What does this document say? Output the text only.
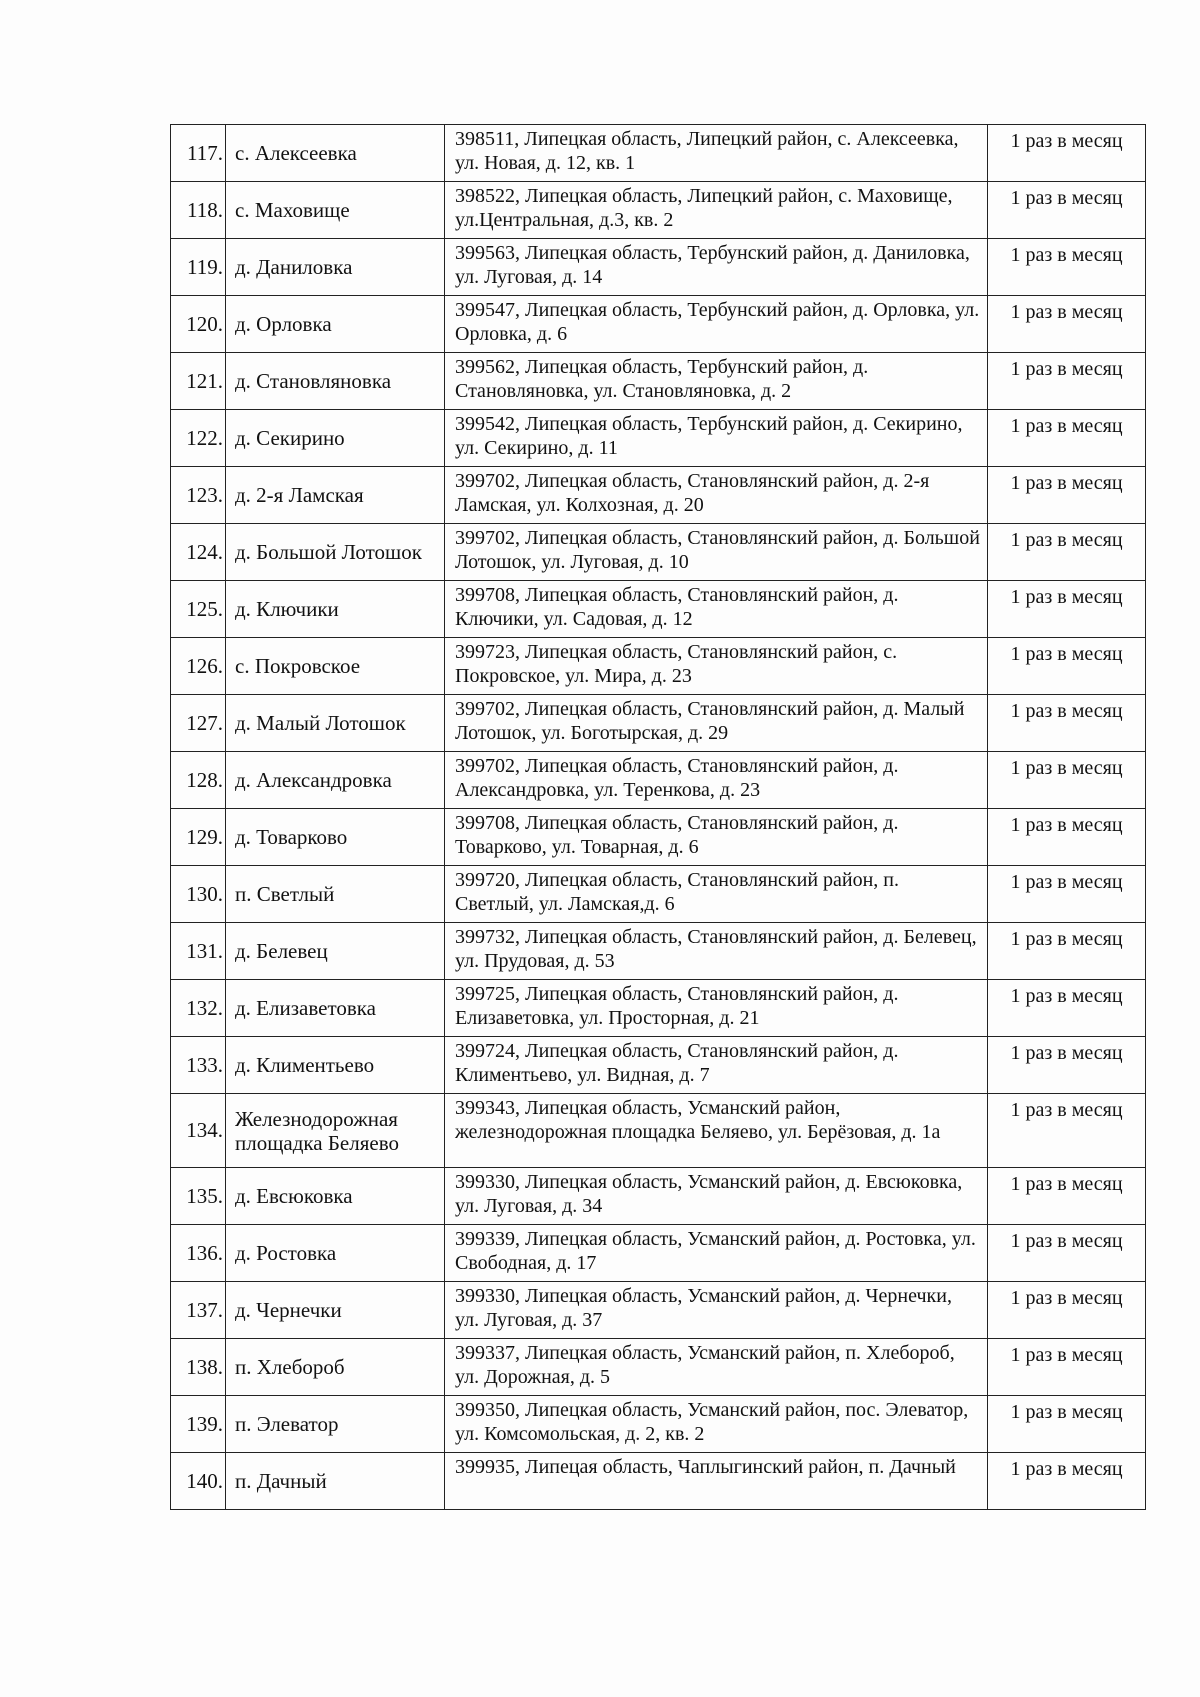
117.	с. Алексеевка	398511, Липецкая область, Липецкий район, с. Алексеевка, ул. Новая, д. 12, кв. 1	1 раз в месяц
118.	с. Маховище	398522, Липецкая область, Липецкий район, с. Маховище, ул.Центральная, д.3, кв. 2	1 раз в месяц
119.	д. Даниловка	399563, Липецкая область, Тербунский район, д. Даниловка, ул. Луговая, д. 14	1 раз в месяц
120.	д. Орловка	399547, Липецкая область, Тербунский район, д. Орловка, ул. Орловка, д. 6	1 раз в месяц
121.	д. Становляновка	399562, Липецкая область, Тербунский район, д. Становляновка, ул. Становляновка, д. 2	1 раз в месяц
122.	д. Секирино	399542, Липецкая область, Тербунский район, д. Секирино, ул. Секирино, д. 11	1 раз в месяц
123.	д. 2-я Ламская	399702, Липецкая область, Становлянский район, д. 2-я Ламская, ул. Колхозная, д. 20	1 раз в месяц
124.	д. Большой Лотошок	399702, Липецкая область, Становлянский район, д. Большой Лотошок, ул. Луговая, д. 10	1 раз в месяц
125.	д. Ключики	399708, Липецкая область, Становлянский район, д. Ключики, ул. Садовая, д. 12	1 раз в месяц
126.	с. Покровское	399723, Липецкая область, Становлянский район, с. Покровское, ул. Мира, д. 23	1 раз в месяц
127.	д. Малый Лотошок	399702, Липецкая область, Становлянский район, д. Малый Лотошок, ул. Боготырская, д. 29	1 раз в месяц
128.	д. Александровка	399702, Липецкая область, Становлянский район, д. Александровка, ул. Теренкова, д. 23	1 раз в месяц
129.	д. Товарково	399708, Липецкая область, Становлянский район, д. Товарково, ул. Товарная, д. 6	1 раз в месяц
130.	п. Светлый	399720, Липецкая область, Становлянский район, п. Светлый, ул. Ламская,д. 6	1 раз в месяц
131.	д. Белевец	399732, Липецкая область, Становлянский район, д. Белевец, ул. Прудовая, д. 53	1 раз в месяц
132.	д. Елизаветовка	399725, Липецкая область, Становлянский район, д. Елизаветовка, ул. Просторная, д. 21	1 раз в месяц
133.	д. Климентьево	399724, Липецкая область, Становлянский район, д. Климентьево, ул. Видная, д. 7	1 раз в месяц
134.	Железнодорожная площадка Беляево	399343, Липецкая область, Усманский район, железнодорожная площадка Беляево, ул. Берёзовая, д. 1а	1 раз в месяц
135.	д. Евсюковка	399330, Липецкая область, Усманский район, д. Евсюковка, ул. Луговая, д. 34	1 раз в месяц
136.	д. Ростовка	399339, Липецкая область, Усманский район, д. Ростовка, ул. Свободная, д. 17	1 раз в месяц
137.	д. Чернечки	399330, Липецкая область, Усманский район, д. Чернечки, ул. Луговая, д. 37	1 раз в месяц
138.	п. Хлебороб	399337, Липецкая область, Усманский район, п. Хлебороб, ул. Дорожная, д. 5	1 раз в месяц
139.	п. Элеватор	399350, Липецкая область, Усманский район, пос. Элеватор, ул. Комсомольская, д. 2, кв. 2	1 раз в месяц
140.	п. Дачный	399935, Липецая область, Чаплыгинский район, п. Дачный	1 раз в месяц
